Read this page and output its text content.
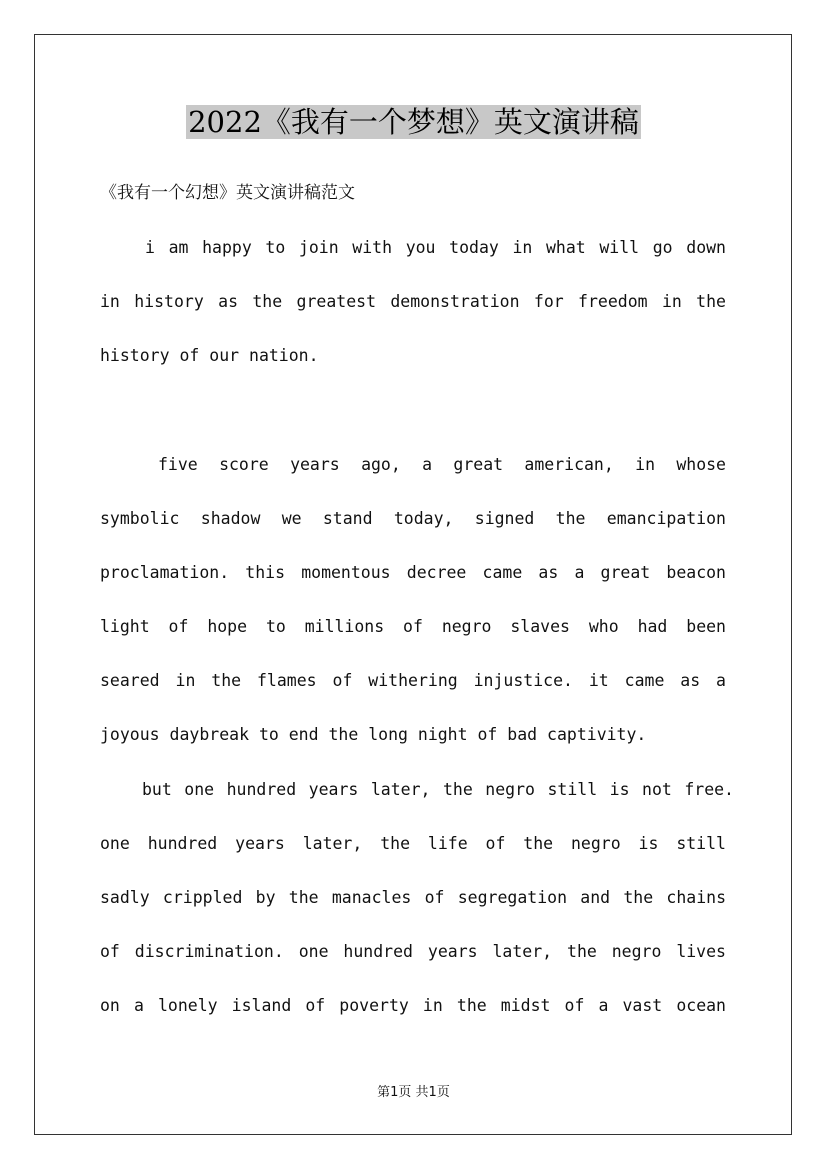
2022《我有一个梦想》英文演讲稿
《我有一个幻想》英文演讲稿范文
i am happy to join with you today in what will go down
in history as the greatest demonstration for freedom in the
history of our nation.
five score years ago, a great american, in whose
symbolic shadow we stand today, signed the emancipation
proclamation. this momentous decree came as a great beacon
light of hope to millions of negro slaves who had been
seared in the flames of withering injustice. it came as a
joyous daybreak to end the long night of bad captivity.
but one hundred years later, the negro still is not free.
one hundred years later, the life of the negro is still
sadly crippled by the manacles of segregation and the chains
of discrimination. one hundred years later, the negro lives
on a lonely island of poverty in the midst of a vast ocean
第1页 共1页
